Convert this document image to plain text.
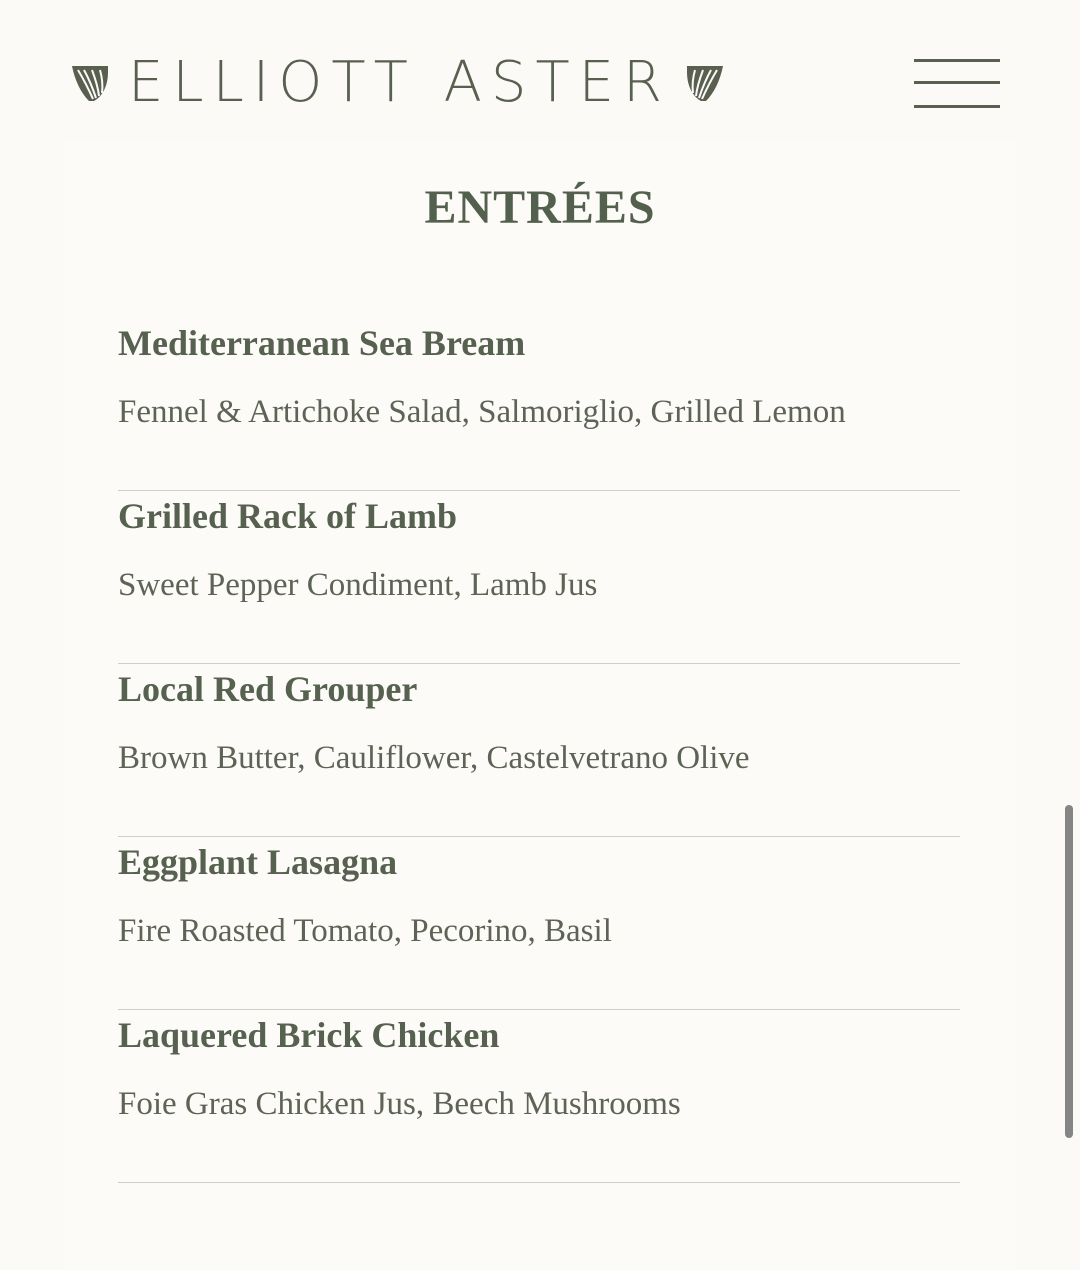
ELLIOTT ASTER
ENTRÉES
Mediterranean Sea Bream
Fennel & Artichoke Salad, Salmoriglio, Grilled Lemon
Grilled Rack of Lamb
Sweet Pepper Condiment, Lamb Jus
Local Red Grouper
Brown Butter, Cauliflower, Castelvetrano Olive
Eggplant Lasagna
Fire Roasted Tomato, Pecorino, Basil
Laquered Brick Chicken
Foie Gras Chicken Jus, Beech Mushrooms
